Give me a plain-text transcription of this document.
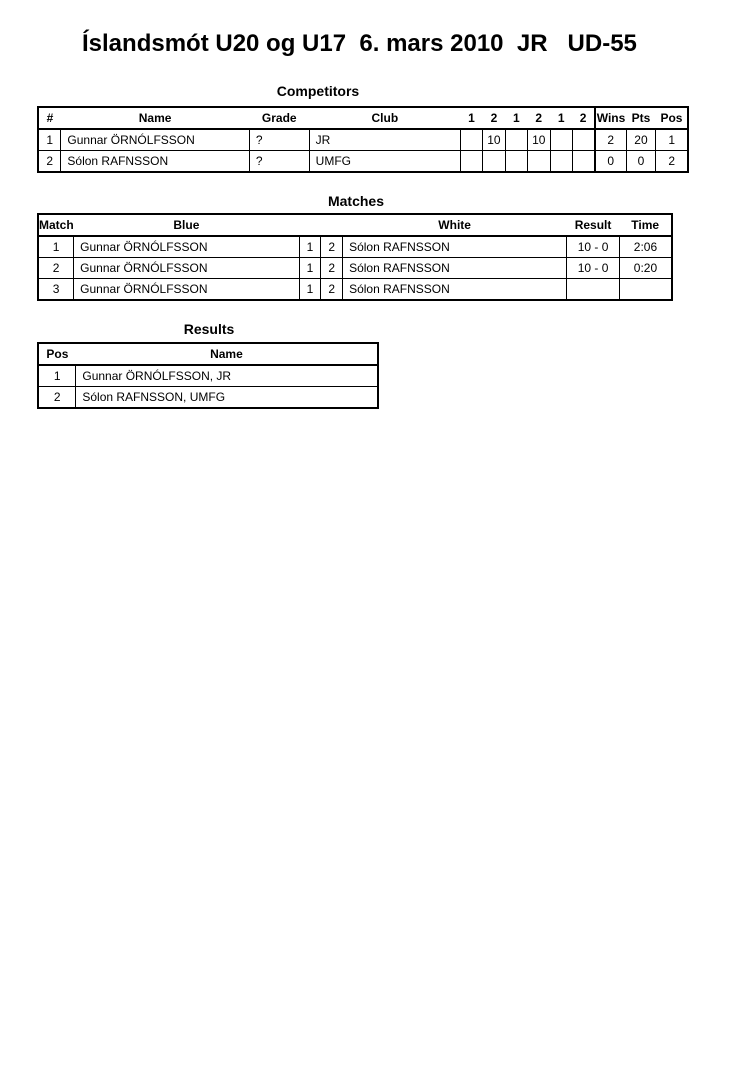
Íslandsmót U20 og U17  6. mars 2010  JR   UD-55
Competitors
#	Name	Grade	Club	1	2	1	2	1	2	Wins	Pts	Pos
1	Gunnar ÖRNÓLFSSON	?	JR		10		10			2	20	1
2	Sólon RAFNSSON	?	UMFG							0	0	2
Matches
Match	Blue			White	Result	Time
1	Gunnar ÖRNÓLFSSON	1	2	Sólon RAFNSSON	10 - 0	2:06
2	Gunnar ÖRNÓLFSSON	1	2	Sólon RAFNSSON	10 - 0	0:20
3	Gunnar ÖRNÓLFSSON	1	2	Sólon RAFNSSON		
Results
Pos	Name
1	Gunnar ÖRNÓLFSSON, JR
2	Sólon RAFNSSON, UMFG
